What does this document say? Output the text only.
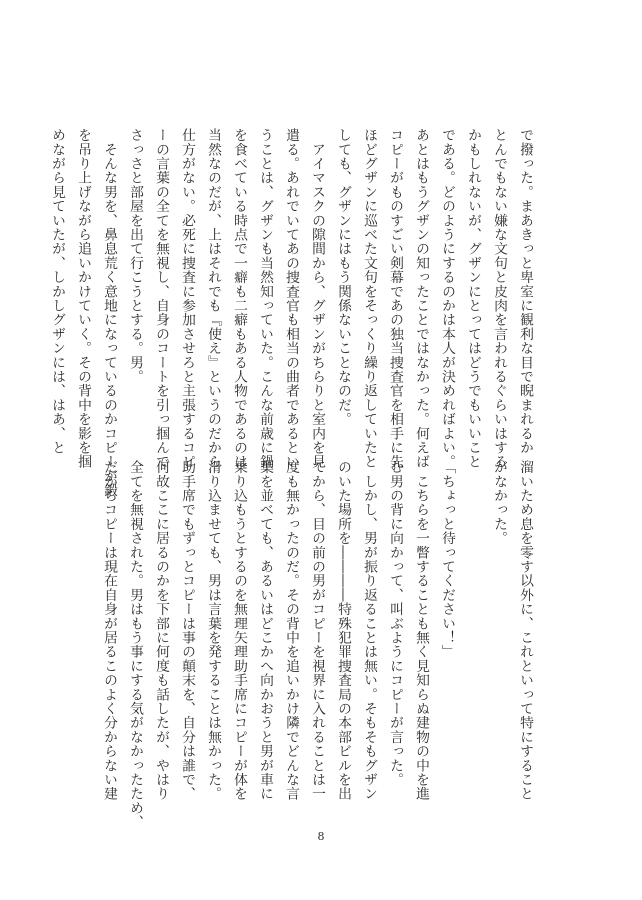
で撥った。まあきっと卑室に観利な目で睨まれるか
とんでもない嫌な文句と皮肉を言われるぐらいはする
かもしれないが、グザンにとってはどうでもいいこと
である。どのようにするのかは本人が決めればよい。
あとはもうグザンの知ったことではなかった。何えば
コピーがものすごい剣幕であの独当捜査官を相手に先
ほどグザンに巡べた文句をそっくり繰り返していたと
しても、グザンにはもう関係ないことなのだ。
　アイマスクの隙間から、グザンがちらりと室内を見
遣る。あれでいてあの捜査官も相当の曲者であるとい
うことは、グザンも当然知っていた。こんな前歳に鍋
を食べている時点で一癖も二癖もある人物であるのは
当然なのだが、上はそれでも『使え』というのだから
仕方がない。必死に捜査に参加させろと主張するコピ
ーの言葉の全てを無視し、自身のコートを引っ掴んで
さっさと部屋を出て行こうとする。男。
　そんな男を、鼻息荒く意地になっているのかコピーが鍛
を吊り上げながら追いかけていく。その背中を影を掴
めながら見ていたが、しかしグザンには、はあ、と
溜いため息を零す以外に、これといって特にすること
がなかった。
「ちょっと待ってください！」
　こちらを一瞥することも無く見知らぬ建物の中を進
む男の背に向かって、叫ぶようにコピーが言った。
　しかし、男が振り返ることは無い。そもそもグザン
のいた場所を――――特殊犯罪捜査局の本部ビルを出
てから、目の前の男がコピーを視界に入れることは一
度も無かったのだ。その背中を追いかけ隣でどんな言
葉を並べても、あるいはどこかへ向かおうと男が車に
乗り込もうとするのを無理矢理助手席にコピーが体を
滑り込ませても、男は言葉を発することは無かった。
助手席でもずっとコピーは事の顛末を、自分は誰で、
何故ここに居るのかを下部に何度も話したが、やはり
全てを無視された。男はもう事にする気がなかったため、
だからコピーは現在自身が居るこのよく分からない建
8
